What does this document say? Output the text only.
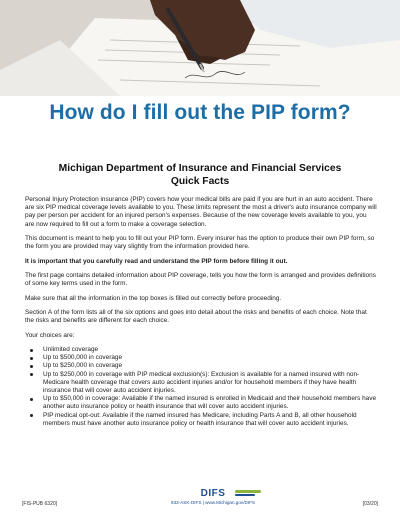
How do I fill out the PIP form?
Michigan Department of Insurance and Financial Services
Quick Facts

Personal Injury Protection insurance (PIP) covers how your medical bills are paid if you are hurt in an auto accident. There are six PIP medical coverage levels available to you. These limits represent the most a driver's auto insurance company will pay per person per accident for an injured person's expenses. Because of the new coverage levels available to you, you are now required to fill out a form to make a coverage selection.

This document is meant to help you to fill out your PIP form. Every insurer has the option to produce their own PIP form, so the form you are provided may vary slightly from the information provided here.

It is important that you carefully read and understand the PIP form before filling it out.

The first page contains detailed information about PIP coverage, tells you how the form is arranged and provides definitions of some key terms used in the form.

Make sure that all the information in the top boxes is filled out correctly before proceeding.

Section A of the form lists all of the six options and goes into detail about the risks and benefits of each choice. Note that the risks and benefits are different for each choice.

Your choices are:

Unlimited coverage
Up to $500,000 in coverage
Up to $250,000 in coverage
Up to $250,000 in coverage with PIP medical exclusion(s): Exclusion is available for a named insured with non-Medicare health coverage that covers auto accident injuries and/or for household members if they have health insurance that will cover auto accident injuries.
Up to $50,000 in coverage: Available if the named insured is enrolled in Medicaid and their household members have another auto insurance policy or health insurance that will cover auto accident injuries.
PIP medical opt-out: Available if the named insured has Medicare, including Parts A and B, all other household members must have another auto insurance policy or health insurance that will cover auto accident injuries.
[FIS-PUB 6320]
DIFS
833-ASK-DIFS | www.Michigan.gov/DIFS	[03/20]
